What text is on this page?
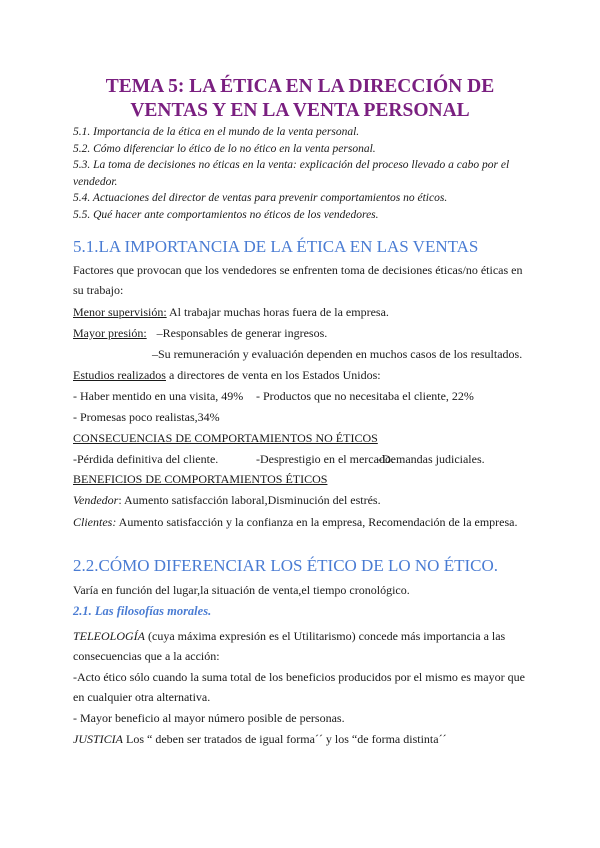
TEMA 5: LA ÉTICA EN LA DIRECCIÓN DE
VENTAS Y EN LA VENTA PERSONAL

5.1. Importancia de la ética en el mundo de la venta personal.

5.2. Cómo diferenciar lo ético de lo no ético en la venta personal.

5.3. La toma de decisiones no éticas en la venta: explicación del proceso llevado a cabo por el vendedor.

5.4. Actuaciones del director de ventas para prevenir comportamientos no éticos.

5.5. Qué hacer ante comportamientos no éticos de los vendedores.

5.1.LA IMPORTANCIA DE LA ÉTICA EN LAS VENTAS

Factores que provocan que los vendedores se enfrenten toma de decisiones éticas/no éticas en su trabajo:

Menor supervisión: Al trabajar muchas horas fuera de la empresa.

Mayor presión: –Responsables de generar ingresos.

–Su remuneración y evaluación dependen en muchos casos de los resultados.

Estudios realizados a directores de venta en los Estados Unidos:

- Haber mentido en una visita, 49% - Productos que no necesitaba el cliente, 22%

- Promesas poco realistas,34%

CONSECUENCIAS DE COMPORTAMIENTOS NO ÉTICOS

-Pérdida definitiva del cliente.	-Desprestigio en el mercado.

-Demandas judiciales.

BENEFICIOS DE COMPORTAMIENTOS ÉTICOS

Vendedor: Aumento satisfacción laboral,Disminución del estrés.

Clientes: Aumento satisfacción y la confianza en la empresa, Recomendación de la empresa.

2.2.CÓMO DIFERENCIAR LOS ÉTICO DE LO NO ÉTICO.

Varía en función del lugar,la situación de venta,el tiempo cronológico.

2.1. Las filosofías morales.

TELEOLOGÍA (cuya máxima expresión es el Utilitarismo) concede más importancia a las consecuencias que a la acción:

-Acto ético sólo cuando la suma total de los beneficios producidos por el mismo es mayor que en cualquier otra alternativa.

- Mayor beneficio al mayor número posible de personas.

JUSTICIA Los “ deben ser tratados de igual forma´´ y los “de forma distinta´´
